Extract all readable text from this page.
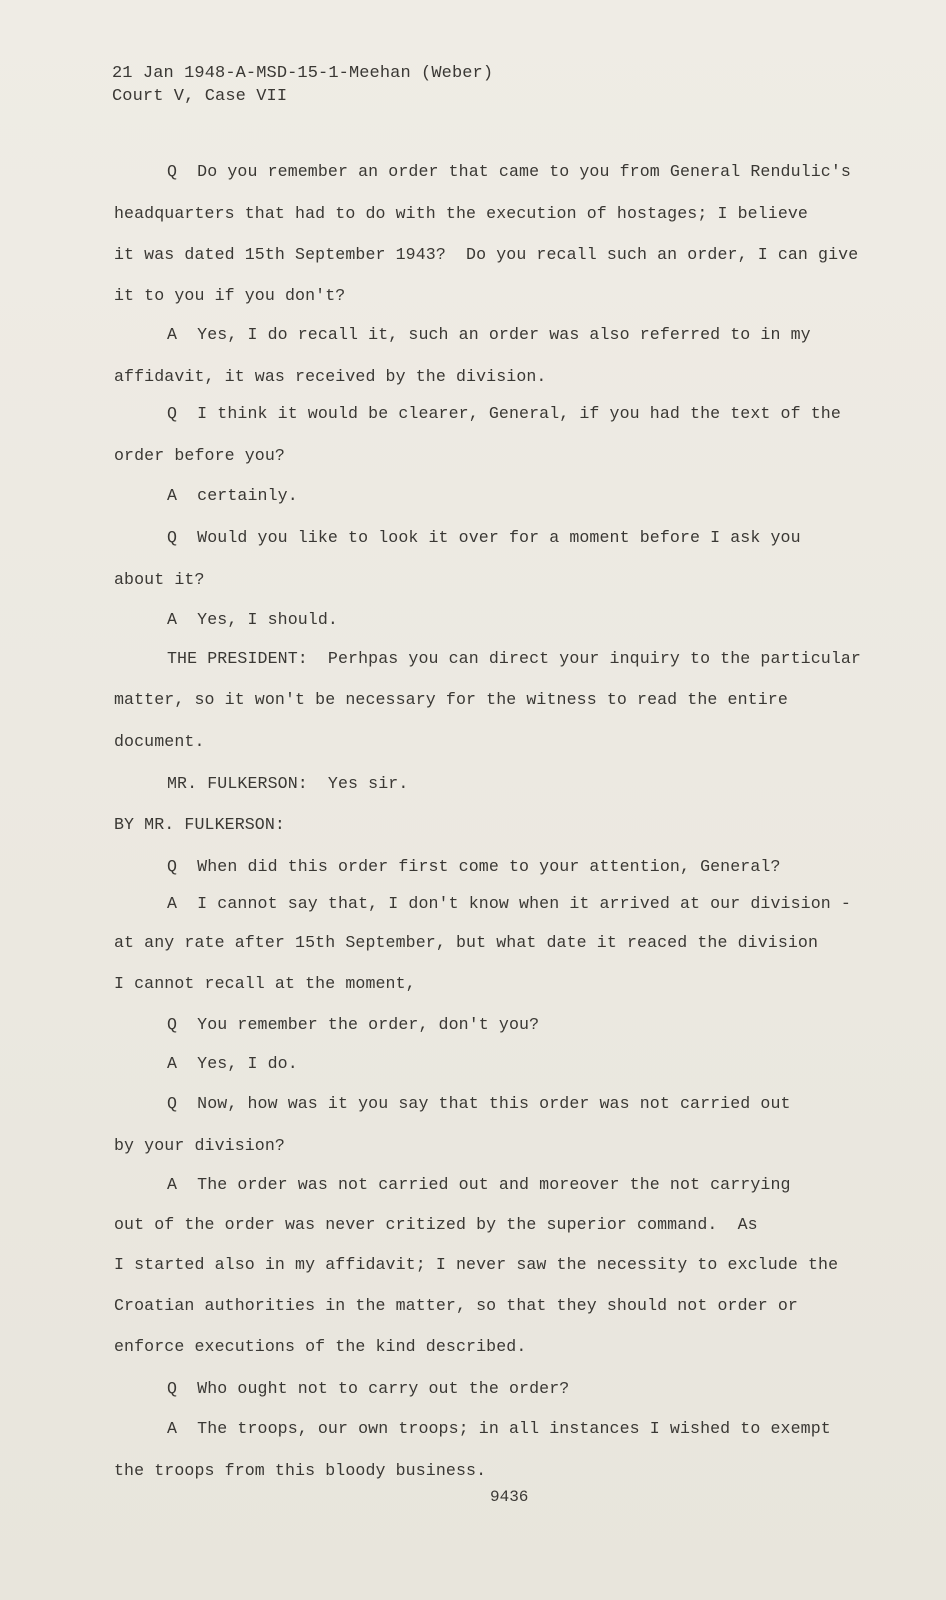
21 Jan 1948-A-MSD-15-1-Meehan (Weber)
Court V, Case VII
Q  Do you remember an order that came to you from General Rendulic's
headquarters that had to do with the execution of hostages; I believe
it was dated 15th September 1943?  Do you recall such an order, I can give
it to you if you don't?
A  Yes, I do recall it, such an order was also referred to in my
affidavit, it was received by the division.
Q  I think it would be clearer, General, if you had the text of the
order before you?
A  certainly.
Q  Would you like to look it over for a moment before I ask you
about it?
A  Yes, I should.
THE PRESIDENT:  Perhpas you can direct your inquiry to the particular
matter, so it won't be necessary for the witness to read the entire
document.
MR. FULKERSON:  Yes sir.
BY MR. FULKERSON:
Q  When did this order first come to your attention, General?
A  I cannot say that, I don't know when it arrived at our division -
at any rate after 15th September, but what date it reaced the division
I cannot recall at the moment,
Q  You remember the order, don't you?
A  Yes, I do.
Q  Now, how was it you say that this order was not carried out
by your division?
A  The order was not carried out and moreover the not carrying
out of the order was never critized by the superior command.  As
I started also in my affidavit; I never saw the necessity to exclude the
Croatian authorities in the matter, so that they should not order or
enforce executions of the kind described.
Q  Who ought not to carry out the order?
A  The troops, our own troops; in all instances I wished to exempt
the troops from this bloody business.
9436
